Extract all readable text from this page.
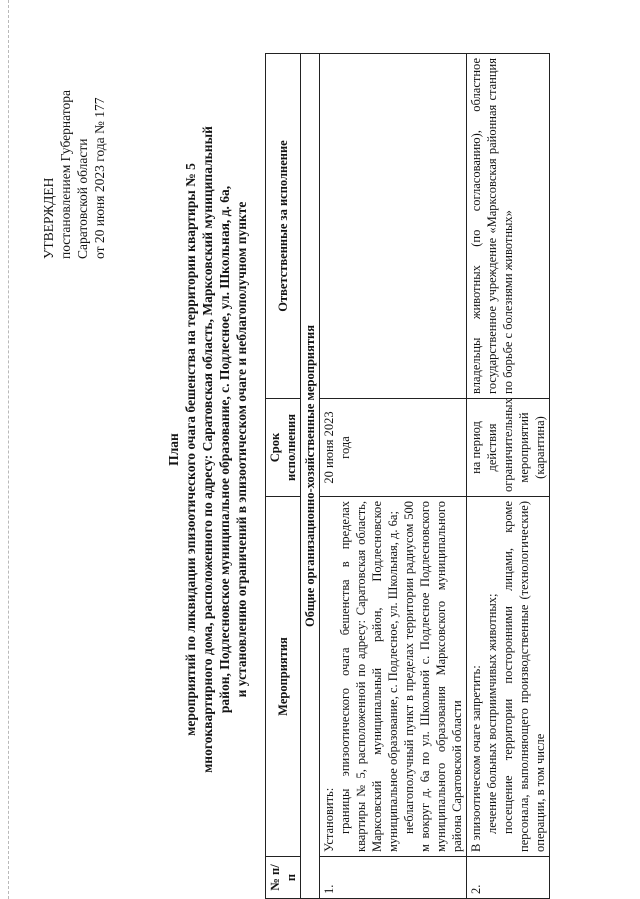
УТВЕРЖДЕН постановлением Губернатора Саратовской области от 20 июня 2023 года № 177
План мероприятий по ликвидации эпизоотического очага бешенства на территории квартиры № 5 многоквартирного дома, расположенного по адресу: Саратовская область, Марксовский муниципальный район, Подлесновское муниципальное образование, с. Подлесное, ул. Школьная, д. 6а, и установлению ограничений в эпизоотическом очаге и неблагополучном пункте
№ п/п	Мероприятия	Срок исполнения	Ответственные за исполнение
Общие организационно-хозяйственные мероприятия			
1.	Установить: границы эпизоотического очага бешенства в пределах квартиры № 5, расположенной по адресу: Саратовская область, Марксовский муниципальный район, Подлесновское муниципальное образование, с. Подлесное, ул. Школьная, д. 6а; неблагополучный пункт в пределах территории радиусом 500 м вокруг д. 6а по ул. Школьной с. Подлесное Подлесновского муниципального образования Марксовского муниципального района Саратовской области	20 июня 2023 года	
2.	В эпизоотическом очаге запретить: лечение больных восприимчивых животных; посещение территории посторонними лицами, кроме персонала, выполняющего производственные (технологические) операции, в том числе	на период действия ограничительных мероприятий (карантина)	владельцы животных (по согласованию), областное государственное учреждение «Марксовская районная станция по борьбе с болезнями животных»
